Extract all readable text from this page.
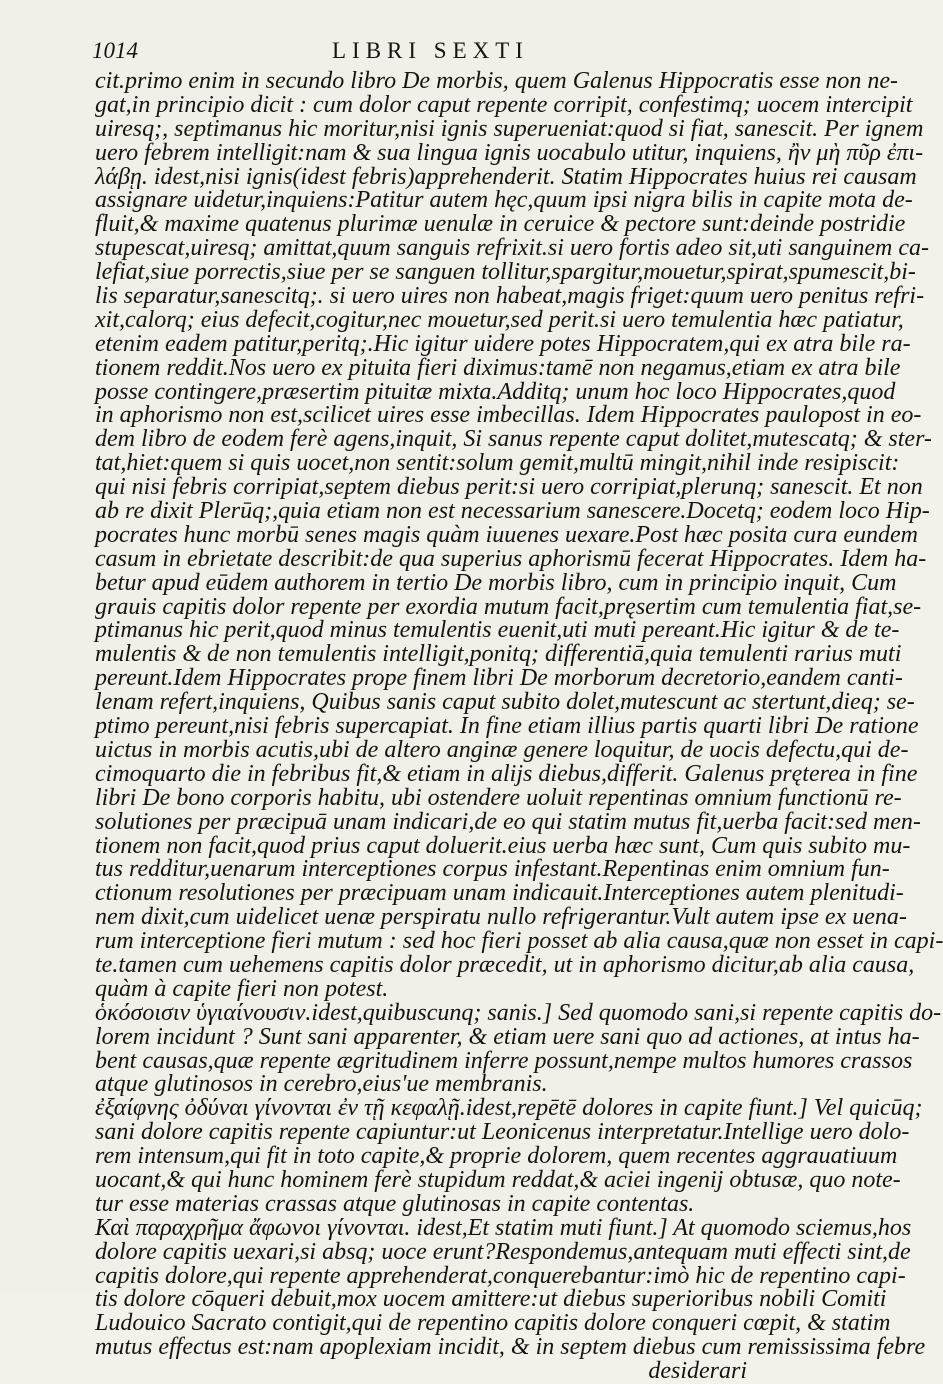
1014	LIBRI SEXTI
cit.primo enim in secundo libro De morbis, quem Galenus Hippocratis esse non ne-
gat,in principio dicit : cum dolor caput repente corripit, confestimq; uocem intercipit
uiresq;, septimanus hic moritur,nisi ignis superueniat:quod si fiat, sanescit. Per ignem
uero febrem intelligit:nam & sua lingua ignis uocabulo utitur, inquiens, ἢν μὴ πῦρ ἐπι-
λάβῃ. idest,nisi ignis(idest febris)apprehenderit. Statim Hippocrates huius rei causam
assignare uidetur,inquiens:Patitur autem hęc,quum ipsi nigra bilis in capite mota de-
fluit,& maxime quatenus plurimæ uenulæ in ceruice & pectore sunt:deinde postridie
stupescat,uiresq; amittat,quum sanguis refrixit.si uero fortis adeo sit,uti sanguinem ca-
lefiat,siue porrectis,siue per se sanguen tollitur,spargitur,mouetur,spirat,spumescit,bi-
lis separatur,sanescitq;. si uero uires non habeat,magis friget:quum uero penitus refri-
xit,calorq; eius defecit,cogitur,nec mouetur,sed perit.si uero temulentia hæc patiatur,
etenim eadem patitur,peritq;.Hic igitur uidere potes Hippocratem,qui ex atra bile ra-
tionem reddit.Nos uero ex pituita fieri diximus:tamē non negamus,etiam ex atra bile
posse contingere,præsertim pituitæ mixta.Additq; unum hoc loco Hippocrates,quod
in aphorismo non est,scilicet uires esse imbecillas. Idem Hippocrates paulopost in eo-
dem libro de eodem ferè agens,inquit, Si sanus repente caput dolitet,mutescatq; & ster-
tat,hiet:quem si quis uocet,non sentit:solum gemit,multū mingit,nihil inde resipiscit:
qui nisi febris corripiat,septem diebus perit:si uero corripiat,plerunq; sanescit. Et non
ab re dixit Plerūq;,quia etiam non est necessarium sanescere.Docetq; eodem loco Hip-
pocrates hunc morbū senes magis quàm iuuenes uexare.Post hæc posita cura eundem
casum in ebrietate describit:de qua superius aphorismū fecerat Hippocrates. Idem ha-
betur apud eūdem authorem in tertio De morbis libro, cum in principio inquit, Cum
grauis capitis dolor repente per exordia mutum facit,pręsertim cum temulentia fiat,se-
ptimanus hic perit,quod minus temulentis euenit,uti muti pereant.Hic igitur & de te-
mulentis & de non temulentis intelligit,ponitq; differentiā,quia temulenti rarius muti
pereunt.Idem Hippocrates prope finem libri De morborum decretorio,eandem canti-
lenam refert,inquiens, Quibus sanis caput subito dolet,mutescunt ac stertunt,dieq; se-
ptimo pereunt,nisi febris supercapiat. In fine etiam illius partis quarti libri De ratione
uictus in morbis acutis,ubi de altero anginæ genere loquitur, de uocis defectu,qui de-
cimoquarto die in febribus fit,& etiam in alijs diebus,differit. Galenus pręterea in fine
libri De bono corporis habitu, ubi ostendere uoluit repentinas omnium functionū re-
solutiones per præcipuā unam indicari,de eo qui statim mutus fit,uerba facit:sed men-
tionem non facit,quod prius caput doluerit.eius uerba hæc sunt, Cum quis subito mu-
tus redditur,uenarum interceptiones corpus infestant.Repentinas enim omnium fun-
ctionum resolutiones per præcipuam unam indicauit.Interceptiones autem plenitudi-
nem dixit,cum uidelicet uenæ perspiratu nullo refrigerantur.Vult autem ipse ex uena-
rum interceptione fieri mutum : sed hoc fieri posset ab alia causa,quæ non esset in capi-
te.tamen cum uehemens capitis dolor præcedit, ut in aphorismo dicitur,ab alia causa,
quàm à capite fieri non potest.
ὁκόσοισιν ὑγιαίνουσιν.idest,quibuscunq; sanis.] Sed quomodo sani,si repente capitis do-
lorem incidunt ? Sunt sani apparenter, & etiam uere sani quo ad actiones, at intus ha-
bent causas,quæ repente ægritudinem inferre possunt,nempe multos humores crassos
atque glutinosos in cerebro,eius'ue membranis.
ἐξαίφνης ὀδύναι γίνονται ἐν τῇ κεφαλῇ.idest,repētē dolores in capite fiunt.] Vel quicūq;
sani dolore capitis repente capiuntur:ut Leonicenus interpretatur.Intellige uero dolo-
rem intensum,qui fit in toto capite,& proprie dolorem, quem recentes aggrauatiuum
uocant,& qui hunc hominem ferè stupidum reddat,& aciei ingenij obtusæ, quo note-
tur esse materias crassas atque glutinosas in capite contentas.
Καὶ παραχρῆμα ἄφωνοι γίνονται. idest,Et statim muti fiunt.] At quomodo sciemus,hos
dolore capitis uexari,si absq; uoce erunt?Respondemus,antequam muti effecti sint,de
capitis dolore,qui repente apprehenderat,conquerebantur:imò hic de repentino capi-
tis dolore cōqueri debuit,mox uocem amittere:ut diebus superioribus nobili Comiti
Ludouico Sacrato contigit,qui de repentino capitis dolore conqueri cœpit, & statim
mutus effectus est:nam apoplexiam incidit, & in septem diebus cum remississima febre
desiderari
